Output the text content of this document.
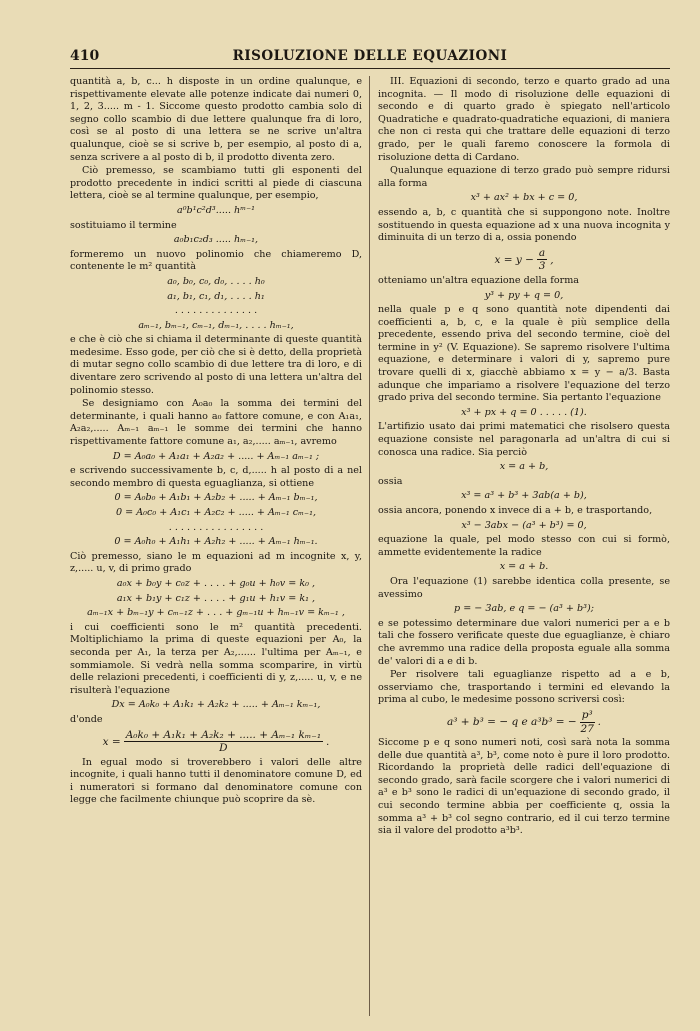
410	RISOLUZIONE DELLE EQUAZIONI
quantità a, b, c... h disposte in un ordine qualunque, e rispettivamente elevate alle potenze indicate dai numeri 0, 1, 2, 3..... m - 1. Siccome questo prodotto cambia solo di segno collo scambio di due lettere qualunque fra di loro, così se al posto di una lettera se ne scrive un'altra qualunque, cioè se si scrive b, per esempio, al posto di a, senza scrivere a al posto di b, il prodotto diventa zero.
Ciò premesso, se scambiamo tutti gli esponenti del prodotto precedente in indici scritti al piede di ciascuna lettera, cioè se al termine qualunque, per esempio,
a⁰b¹c²d³..... hᵐ⁻¹
sostituiamo il termine
a₀b₁c₂d₃ ..... hₘ₋₁,
formeremo un nuovo polinomio che chiameremo D, contenente le m² quantità
a₀, b₀, c₀, d₀, . . . . h₀
a₁, b₁, c₁, d₁, . . . . h₁
. . . . . . . . . . . . . .
aₘ₋₁, bₘ₋₁, cₘ₋₁, dₘ₋₁, . . . . hₘ₋₁,
e che è ciò che si chiama il determinante di queste quantità medesime. Esso gode, per ciò che si è detto, della proprietà di mutar segno collo scambio di due lettere tra di loro, e di diventare zero scrivendo al posto di una lettera un'altra del polinomio stesso.
Se designiamo con A₀a₀ la somma dei termini del determinante, i quali hanno a₀ fattore comune, e con A₁a₁, A₂a₂,..... Aₘ₋₁ aₘ₋₁ le somme dei termini che hanno rispettivamente fattore comune a₁, a₂,..... aₘ₋₁, avremo
D = A₀a₀ + A₁a₁ + A₂a₂ + ..... + Aₘ₋₁ aₘ₋₁ ;
e scrivendo successivamente b, c, d,..... h al posto di a nel secondo membro di questa eguaglianza, si ottiene
0 = A₀b₀ + A₁b₁ + A₂b₂ + ..... + Aₘ₋₁ bₘ₋₁,
0 = A₀c₀ + A₁c₁ + A₂c₂ + ..... + Aₘ₋₁ cₘ₋₁,
. . . . . . . . . . . . . . . .
0 = A₀h₀ + A₁h₁ + A₂h₂ + ..... + Aₘ₋₁ hₘ₋₁.
Ciò premesso, siano le m equazioni ad m incognite x, y, z,..... u, v, di primo grado
a₀x + b₀y + c₀z + . . . . + g₀u + h₀v = k₀ ,
a₁x + b₁y + c₁z + . . . . + g₁u + h₁v = k₁ ,
aₘ₋₁x + bₘ₋₁y + cₘ₋₁z + . . . + gₘ₋₁u + hₘ₋₁v = kₘ₋₁ ,
i cui coefficienti sono le m² quantità precedenti. Moltiplichiamo la prima di queste equazioni per A₀, la seconda per A₁, la terza per A₂,...... l'ultima per Aₘ₋₁, e sommiamole. Si vedrà nella somma scomparire, in virtù delle relazioni precedenti, i coefficienti di y, z,..... u, v, e ne risulterà l'equazione
Dx = A₀k₀ + A₁k₁ + A₂k₂ + ..... + Aₘ₋₁ kₘ₋₁,
d'onde
$x = \frac{\text{A₀k₀ + A₁k₁ + A₂k₂ + ..... + Aₘ₋₁ kₘ₋₁}}{D}$ .
In egual modo si troverebbero i valori delle altre incognite, i quali hanno tutti il denominatore comune D, ed i numeratori si formano dal denominatore comune con legge che facilmente chiunque può scoprire da sè.
III. Equazioni di secondo, terzo e quarto grado ad una incognita. — Il modo di risoluzione delle equazioni di secondo e di quarto grado è spiegato nell'articolo Quadratiche e quadrato-quadratiche equazioni, di maniera che non ci resta qui che trattare delle equazioni di terzo grado, per le quali faremo conoscere la formola di risoluzione detta di Cardano.
Qualunque equazione di terzo grado può sempre ridursi alla forma
x³ + ax² + bx + c = 0,
essendo a, b, c quantità che si suppongono note. Inoltre sostituendo in questa equazione ad x una nuova incognita y diminuita di un terzo di a, ossia ponendo
$x = y - \frac{a}{3}$ ,
otteniamo un'altra equazione della forma
y³ + py + q = 0,
nella quale p e q sono quantità note dipendenti dai coefficienti a, b, c, e la quale è più semplice della precedente, essendo priva del secondo termine, cioè del termine in y² (V. Equazione). Se sapremo risolvere l'ultima equazione, e determinare i valori di y, sapremo pure trovare quelli di x, giacchè abbiamo x = y − a/3. Basta adunque che impariamo a risolvere l'equazione del terzo grado priva del secondo termine. Sia pertanto l'equazione
x³ + px + q = 0 . . . . . (1).
L'artifizio usato dai primi matematici che risolsero questa equazione consiste nel paragonarla ad un'altra di cui si conosca una radice. Sia perciò
x = a + b,
ossia
x³ = a³ + b³ + 3ab(a + b),
ossia ancora, ponendo x invece di a + b, e trasportando,
x³ − 3abx − (a³ + b³) = 0,
equazione la quale, pel modo stesso con cui si formò, ammette evidentemente la radice
x = a + b.
Ora l'equazione (1) sarebbe identica colla presente, se avessimo
p = − 3ab, e q = − (a³ + b³);
e se potessimo determinare due valori numerici per a e b tali che fossero verificate queste due eguaglianze, è chiaro che avremmo una radice della proposta eguale alla somma de' valori di a e di b.
Per risolvere tali eguaglianze rispetto ad a e b, osserviamo che, trasportando i termini ed elevando la prima al cubo, le medesime possono scriversi così:
a³ + b³ = − q e a³b³ = − $\frac{\text{p³}}{27}$ .
Siccome p e q sono numeri noti, così sarà nota la somma delle due quantità a³, b³, come noto è pure il loro prodotto. Ricordando la proprietà delle radici dell'equazione di secondo grado, sarà facile scorgere che i valori numerici di a³ e b³ sono le radici di un'equazione di secondo grado, il cui secondo termine abbia per coefficiente q, ossia la somma a³ + b³ col segno contrario, ed il cui terzo termine sia il valore del prodotto a³b³.
